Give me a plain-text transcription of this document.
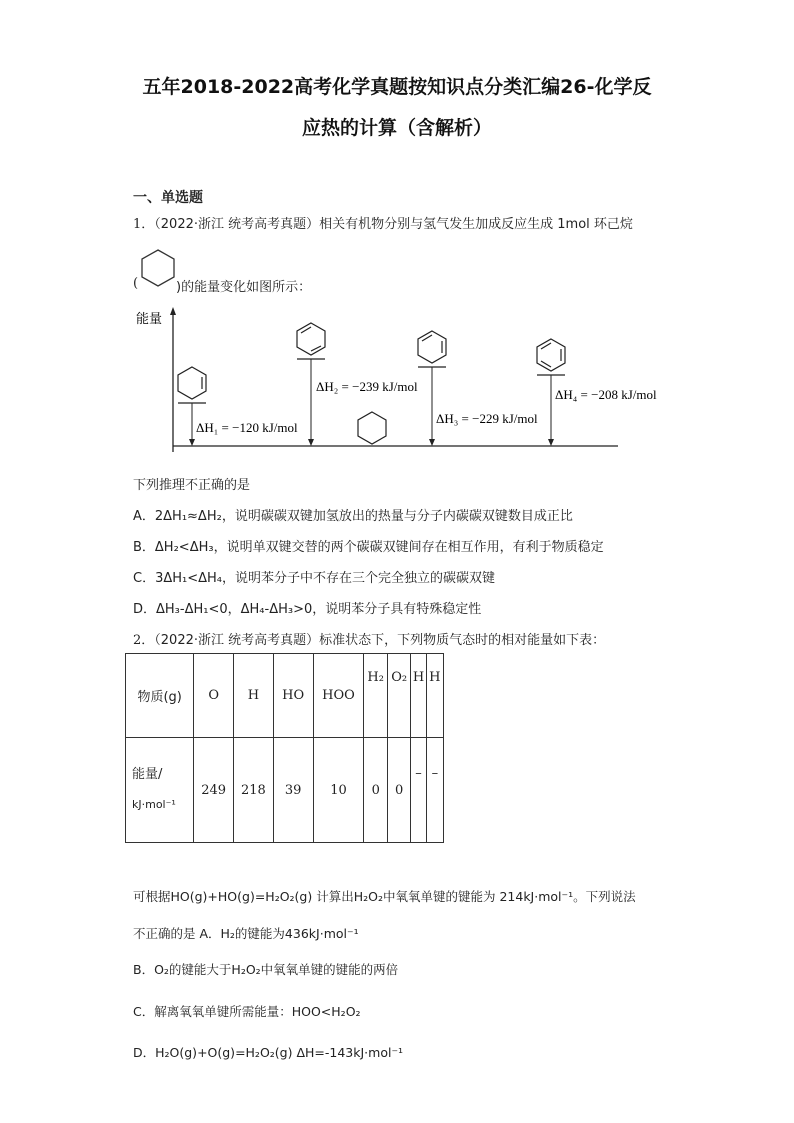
五年2018-2022高考化学真题按知识点分类汇编26-化学反
应热的计算（含解析）
一、单选题
1．（2022·浙江 统考高考真题）相关有机物分别与氢气发生加成反应生成 1mol 环己烷
(	)的能量变化如图所示：
能量
ΔH₁ = −120 kJ/mol
ΔH₂ = −239 kJ/mol
ΔH₃ = −229 kJ/mol
ΔH₄ = −208 kJ/mol
下列推理不正确的是
A．2ΔH₁≈ΔH₂，说明碳碳双键加氢放出的热量与分子内碳碳双键数目成正比
B．ΔH₂<ΔH₃，说明单双键交替的两个碳碳双键间存在相互作用，有利于物质稳定
C．3ΔH₁<ΔH₄，说明苯分子中不存在三个完全独立的碳碳双键
D．ΔH₃-ΔH₁<0，ΔH₄-ΔH₃>0，说明苯分子具有特殊稳定性
2．（2022·浙江 统考高考真题）标准状态下，下列物质气态时的相对能量如下表：
物质(g)	O	H	HO	HOO	H₂	O₂	H	H

能量/
kJ·mol⁻¹	249	218	39	10	0	0	–	–
可根据HO(g)+HO(g)=H₂O₂(g) 计算出H₂O₂中氧氧单键的键能为 214kJ·mol⁻¹。下列说法
不正确的是 A．H₂的键能为436kJ·mol⁻¹
B．O₂的键能大于H₂O₂中氧氧单键的键能的两倍
C．解离氧氧单键所需能量：HOO<H₂O₂
D．H₂O(g)+O(g)=H₂O₂(g) ΔH=-143kJ·mol⁻¹
